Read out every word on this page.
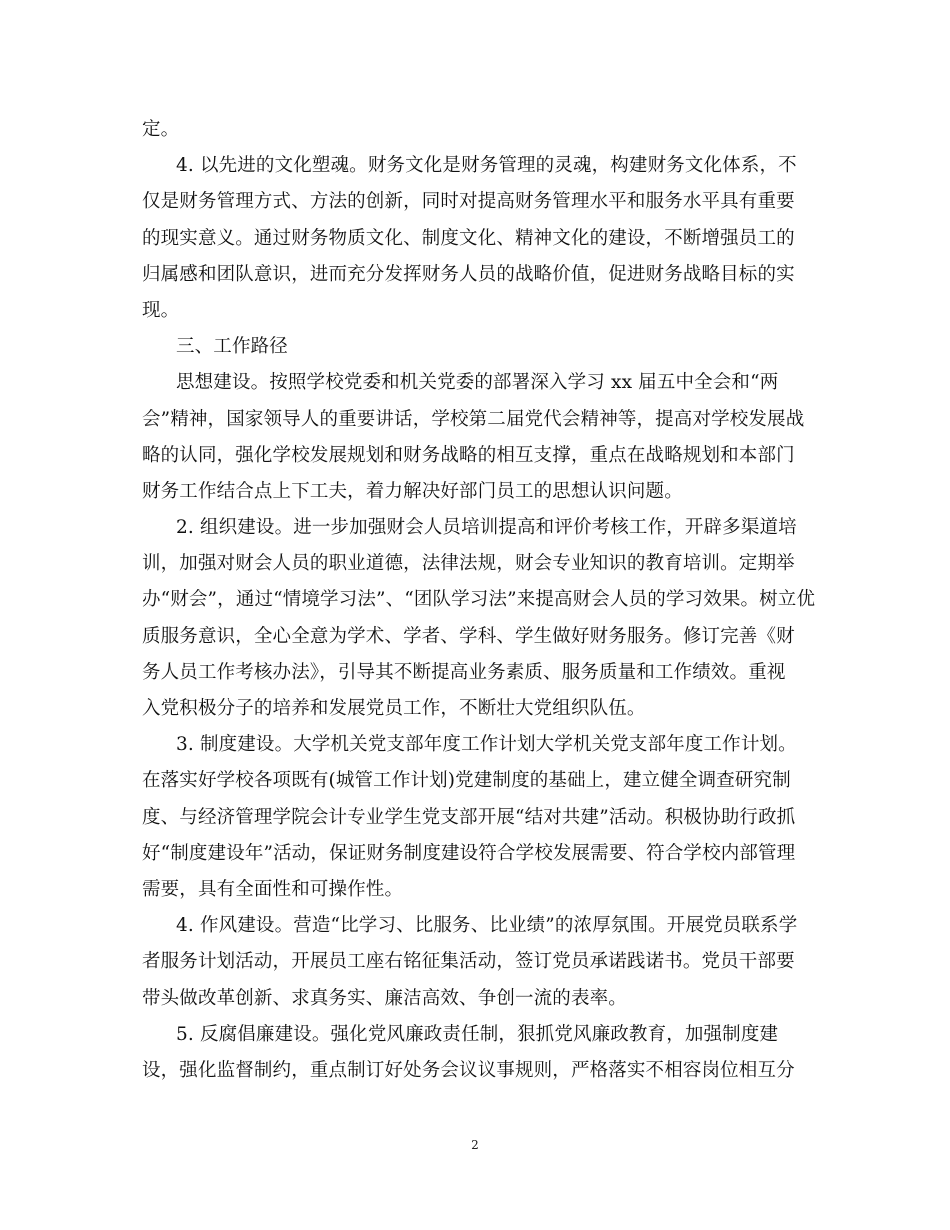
定。
4. 以先进的文化塑魂。财务文化是财务管理的灵魂，构建财务文化体系，不
仅是财务管理方式、方法的创新，同时对提高财务管理水平和服务水平具有重要
的现实意义。通过财务物质文化、制度文化、精神文化的建设，不断增强员工的
归属感和团队意识，进而充分发挥财务人员的战略价值，促进财务战略目标的实
现。
三、工作路径
思想建设。按照学校党委和机关党委的部署深入学习 xx 届五中全会和“两
会”精神，国家领导人的重要讲话，学校第二届党代会精神等，提高对学校发展战
略的认同，强化学校发展规划和财务战略的相互支撑，重点在战略规划和本部门
财务工作结合点上下工夫，着力解决好部门员工的思想认识问题。
2. 组织建设。进一步加强财会人员培训提高和评价考核工作，开辟多渠道培
训，加强对财会人员的职业道德，法律法规，财会专业知识的教育培训。定期举
办“财会”，通过“情境学习法”、“团队学习法”来提高财会人员的学习效果。树立优
质服务意识，全心全意为学术、学者、学科、学生做好财务服务。修订完善《财
务人员工作考核办法》，引导其不断提高业务素质、服务质量和工作绩效。重视
入党积极分子的培养和发展党员工作，不断壮大党组织队伍。
3. 制度建设。大学机关党支部年度工作计划大学机关党支部年度工作计划。
在落实好学校各项既有(城管工作计划)党建制度的基础上，建立健全调查研究制
度、与经济管理学院会计专业学生党支部开展“结对共建”活动。积极协助行政抓
好“制度建设年”活动，保证财务制度建设符合学校发展需要、符合学校内部管理
需要，具有全面性和可操作性。
4. 作风建设。营造“比学习、比服务、比业绩”的浓厚氛围。开展党员联系学
者服务计划活动，开展员工座右铭征集活动，签订党员承诺践诺书。党员干部要
带头做改革创新、求真务实、廉洁高效、争创一流的表率。
5. 反腐倡廉建设。强化党风廉政责任制，狠抓党风廉政教育，加强制度建
设，强化监督制约，重点制订好处务会议议事规则，严格落实不相容岗位相互分
2
